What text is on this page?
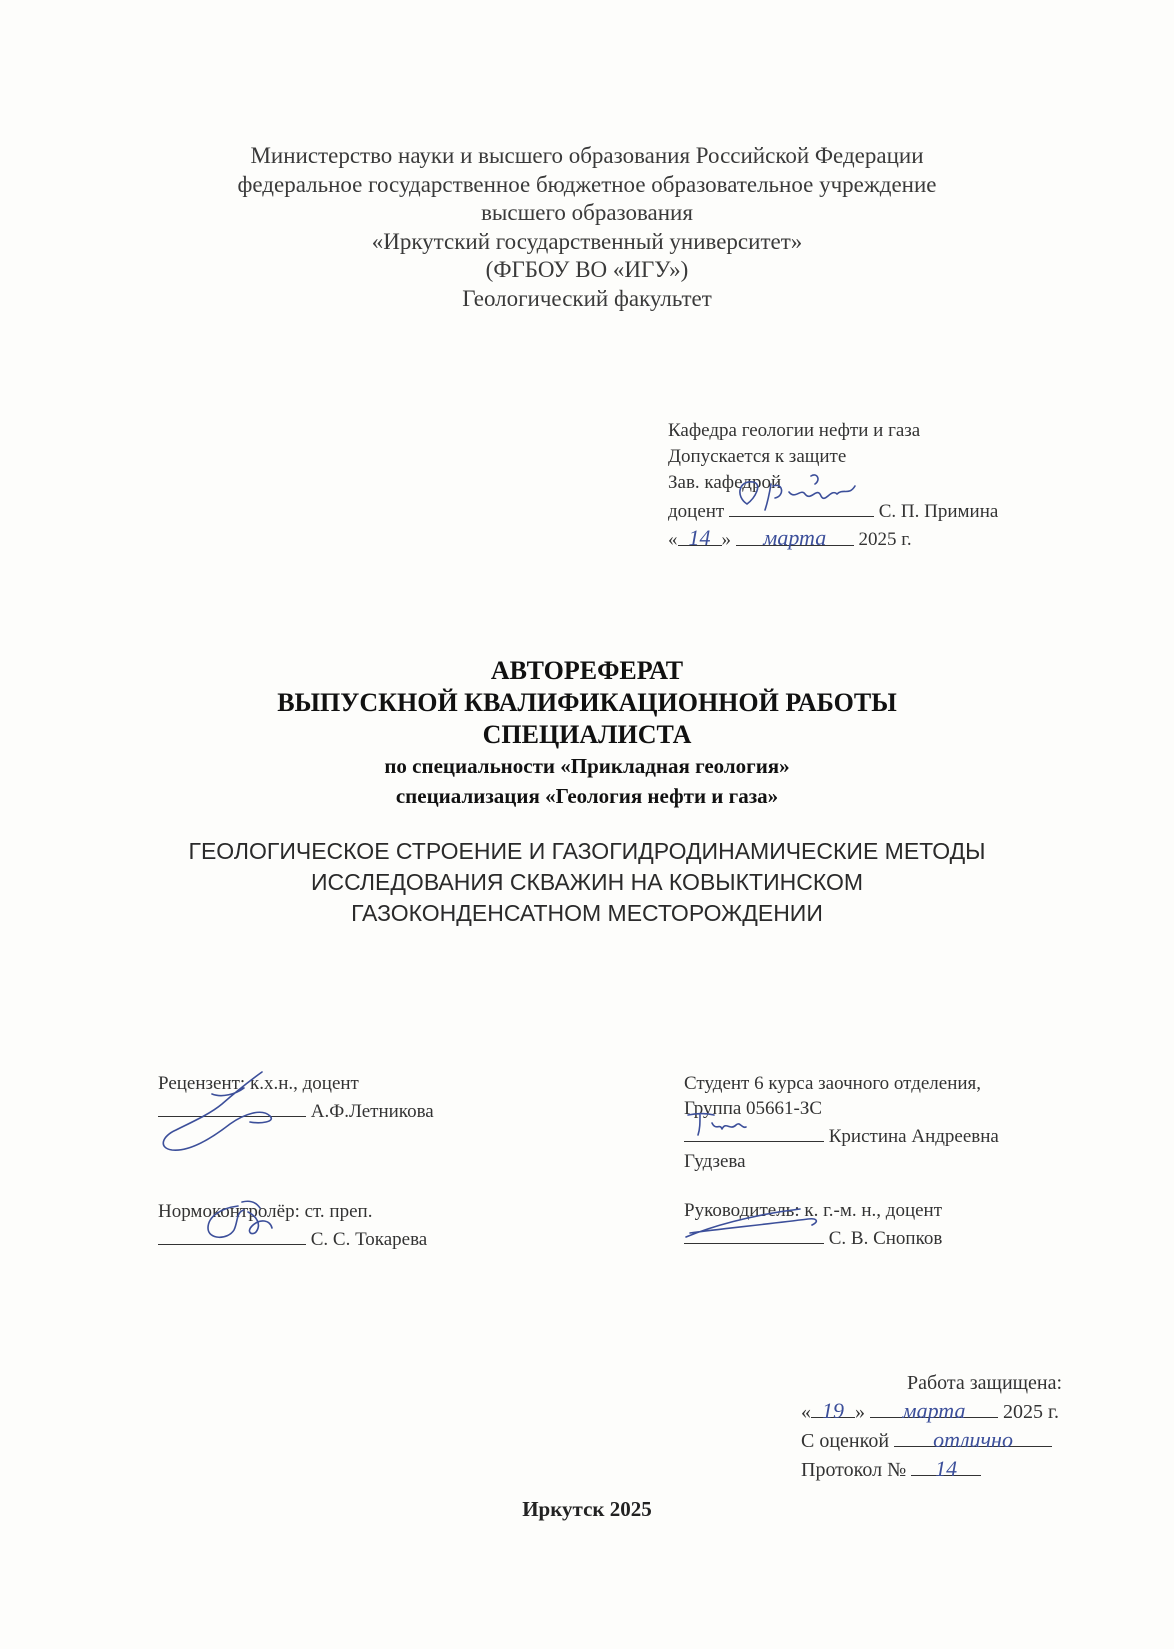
Министерство науки и высшего образования Российской Федерации
федеральное государственное бюджетное образовательное учреждение
высшего образования
«Иркутский государственный университет»
(ФГБОУ ВО «ИГУ»)
Геологический факультет
Кафедра геологии нефти и газа
Допускается к защите
Зав. кафедрой
доцент	С. П. Примина
« 14 » марта 2025 г.
АВТОРЕФЕРАТ
ВЫПУСКНОЙ КВАЛИФИКАЦИОННОЙ РАБОТЫ
СПЕЦИАЛИСТА
по специальности «Прикладная геология»
специализация «Геология нефти и газа»
ГЕОЛОГИЧЕСКОЕ СТРОЕНИЕ И ГАЗОГИДРОДИНАМИЧЕСКИЕ МЕТОДЫ
ИССЛЕДОВАНИЯ СКВАЖИН НА КОВЫКТИНСКОМ
ГАЗОКОНДЕНСАТНОМ МЕСТОРОЖДЕНИИ
Рецензент: к.х.н., доцент
А.Ф.Летникова
Нормоконтролёр: ст. преп.
С. С. Токарева
Студент 6 курса заочного отделения,
Группа 05661-ЗС
Кристина Андреевна
Гудзева
Руководитель: к. г.-м. н., доцент
С. В. Снопков
Работа защищена:
« 19 » марта 2025 г.
С оценкой отлично
Протокол № 14
Иркутск 2025
